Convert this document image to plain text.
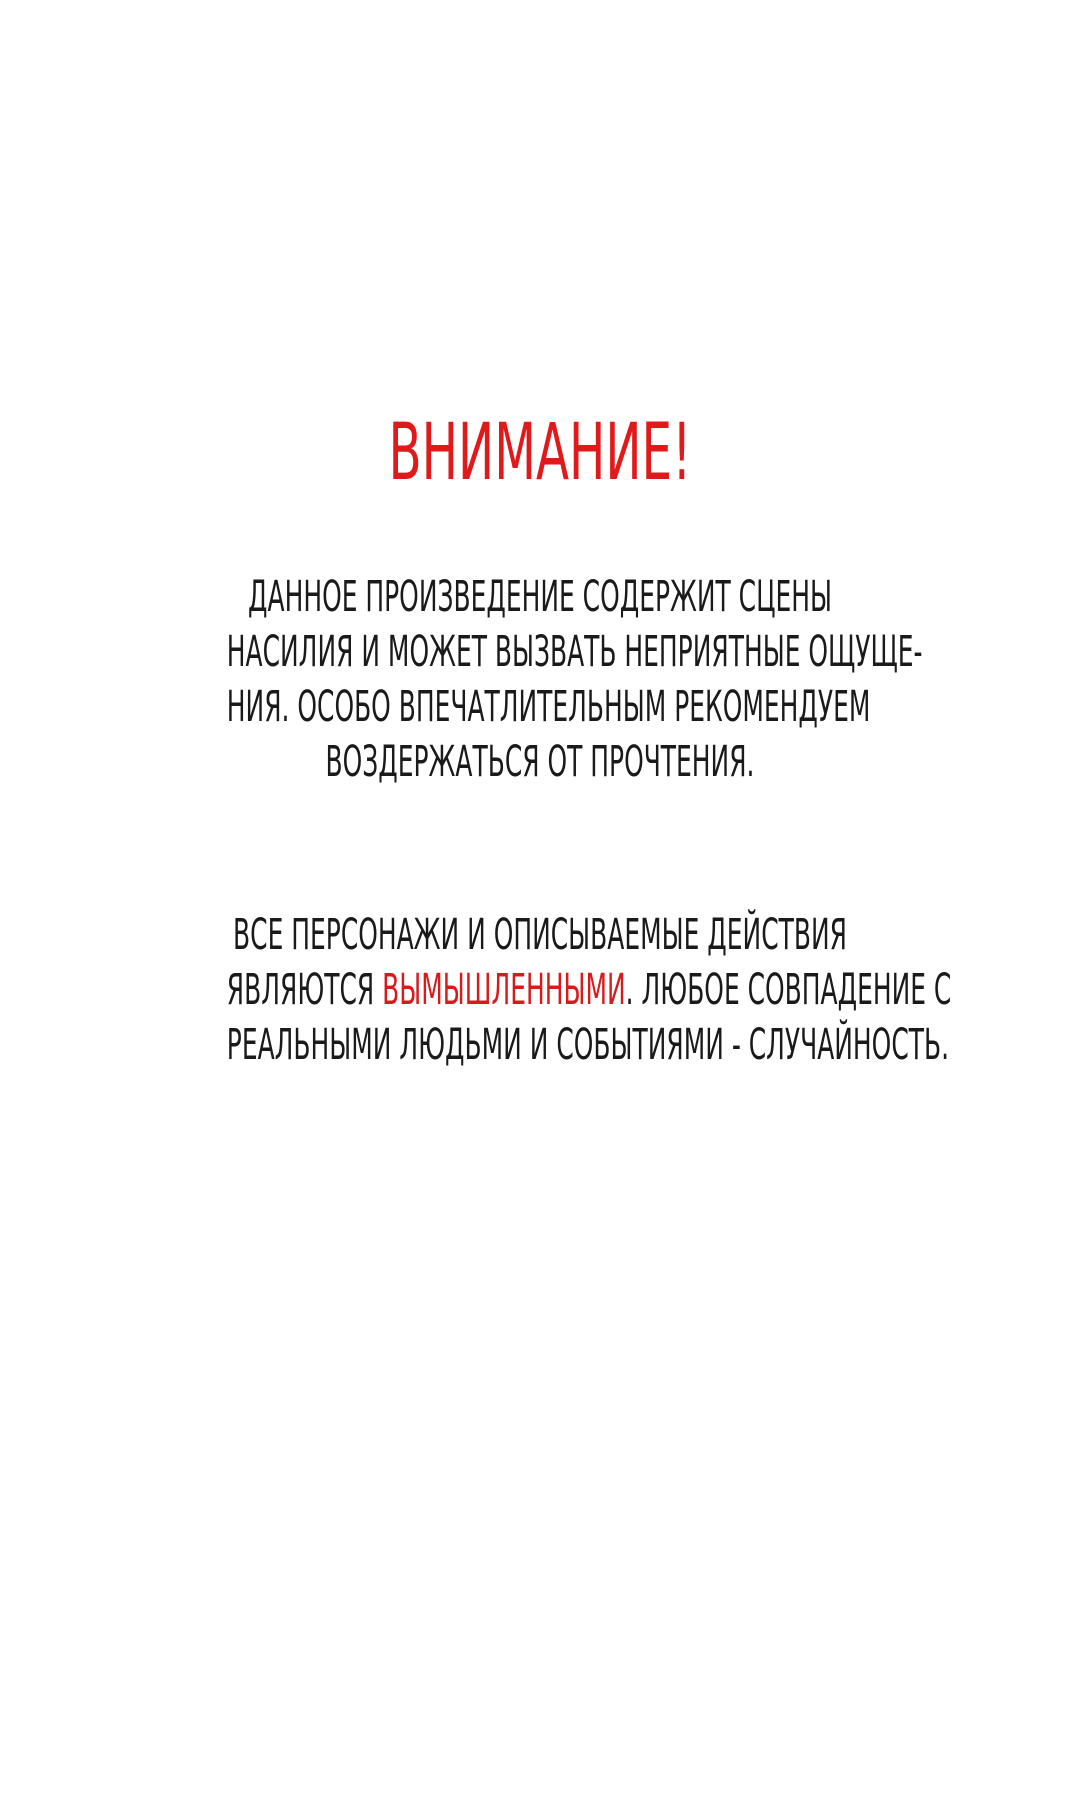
ВНИМАНИЕ!
ДАННОЕ ПРОИЗВЕДЕНИЕ СОДЕРЖИТ СЦЕНЫ
НАСИЛИЯ И МОЖЕТ ВЫЗВАТЬ НЕПРИЯТНЫЕ ОЩУЩЕ-
НИЯ. ОСОБО ВПЕЧАТЛИТЕЛЬНЫМ РЕКОМЕНДУЕМ
ВОЗДЕРЖАТЬСЯ ОТ ПРОЧТЕНИЯ.
ВСЕ ПЕРСОНАЖИ И ОПИСЫВАЕМЫЕ ДЕЙСТВИЯ
ЯВЛЯЮТСЯ ВЫМЫШЛЕННЫМИ. ЛЮБОЕ СОВПАДЕНИЕ С
РЕАЛЬНЫМИ ЛЮДЬМИ И СОБЫТИЯМИ - СЛУЧАЙНОСТЬ.
